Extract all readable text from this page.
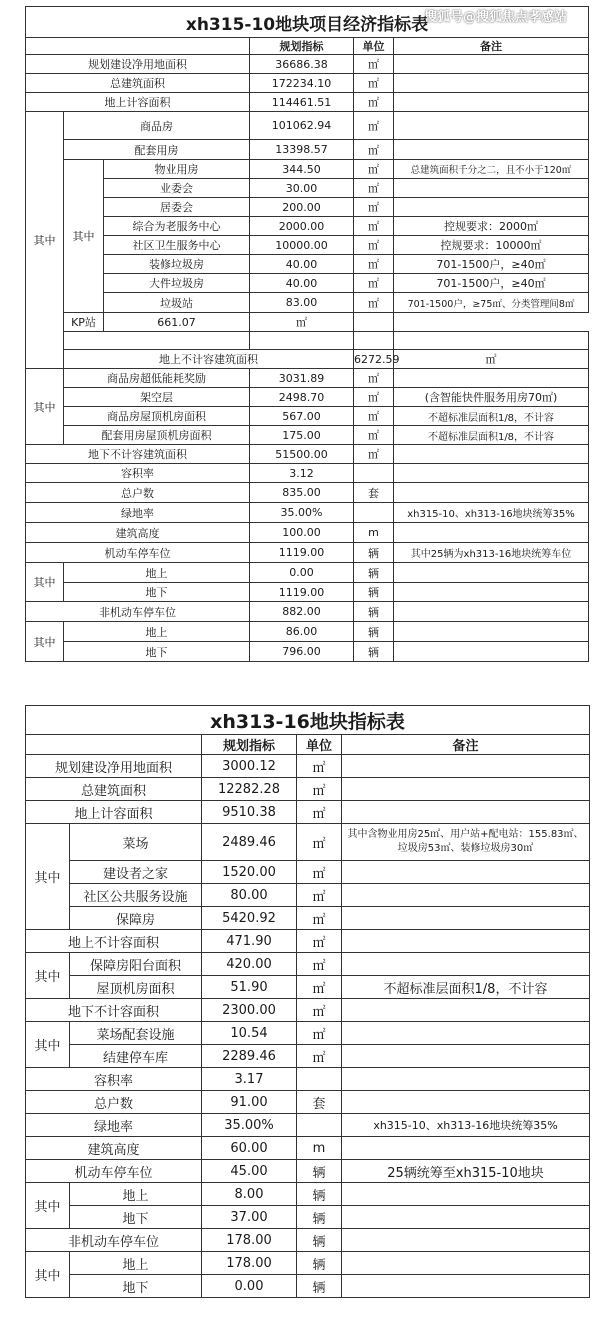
搜狐号@搜狐焦点孝感站
xh315-10地块项目经济指标表						
			规划指标	单位	备注	
规划建设净用地面积			36686.38	㎡		
总建筑面积			172234.10	㎡		
地上计容面积			114461.51	㎡		
其中	商品房		101062.94	㎡		
	配套用房		13398.57	㎡		
	其中	物业用房	344.50	㎡	总建筑面积千分之二，且不小于120㎡	
		业委会	30.00	㎡		
		居委会	200.00	㎡		
		综合为老服务中心	2000.00	㎡	控规要求：2000㎡	
		社区卫生服务中心	10000.00	㎡	控规要求：10000㎡	
		装修垃圾房	40.00	㎡	701-1500户，≥40㎡	
		大件垃圾房	40.00	㎡	701-1500户，≥40㎡	
		垃圾站	83.00	㎡	701-1500户，≥75㎡、分类管理间8㎡	
	KP站	661.07	㎡			

	地上不计容建筑面积			6272.59	㎡	
其中	商品房超低能耗奖励		3031.89	㎡		
	架空层		2498.70	㎡	(含智能快件服务用房70㎡)	
	商品房屋顶机房面积		567.00	㎡	不超标准层面积1/8，不计容	
	配套用房屋顶机房面积		175.00	㎡	不超标准层面积1/8，不计容	
地下不计容建筑面积			51500.00	㎡		
容积率			3.12			
总户数			835.00	套		
绿地率			35.00%		xh315-10、xh313-16地块统筹35%	
建筑高度			100.00	m		
机动车停车位			1119.00	辆	其中25辆为xh313-16地块统筹车位	
其中	地上		0.00	辆		
	地下		1119.00	辆		
非机动车停车位			882.00	辆		
其中	地上		86.00	辆		
	地下		796.00	辆		
xh313-16地块指标表				
		规划指标	单位	备注
规划建设净用地面积		3000.12	㎡	
总建筑面积		12282.28	㎡	
地上计容面积		9510.38	㎡	
其中	菜场	2489.46	㎡	其中含物业用房25㎡、用户站+配电站：155.83㎡、垃圾房53㎡、装修垃圾房30㎡
	建设者之家	1520.00	㎡	
	社区公共服务设施	80.00	㎡	
	保障房	5420.92	㎡	
地上不计容面积		471.90	㎡	
其中	保障房阳台面积	420.00	㎡	
	屋顶机房面积	51.90	㎡	不超标准层面积1/8，不计容
地下不计容面积		2300.00	㎡	
其中	菜场配套设施	10.54	㎡	
	结建停车库	2289.46	㎡	
容积率		3.17		
总户数		91.00	套	
绿地率		35.00%		xh315-10、xh313-16地块统筹35%
建筑高度		60.00	m	
机动车停车位		45.00	辆	25辆统筹至xh315-10地块
其中	地上	8.00	辆	
	地下	37.00	辆	
非机动车停车位		178.00	辆	
其中	地上	178.00	辆	
	地下	0.00	辆	
